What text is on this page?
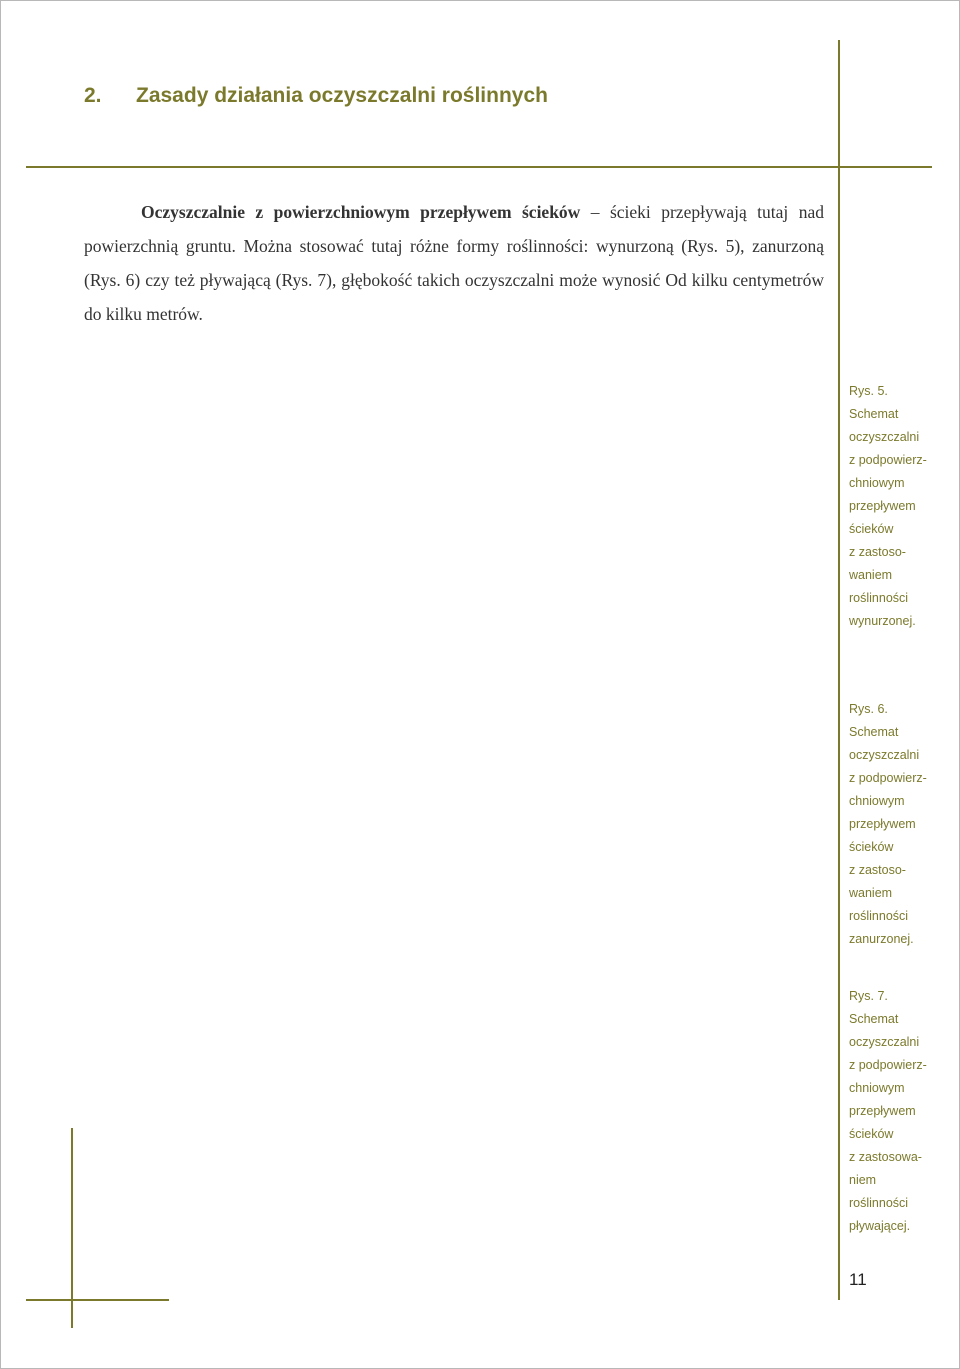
2. Zasady działania oczyszczalni roślinnych

Oczyszczalnie z powierzchniowym przepływem ścieków – ścieki przepływają tutaj nad powierzchnią gruntu. Można stosować tutaj różne formy roślinności: wynurzoną (Rys. 5), zanurzoną (Rys. 6) czy też pływającą (Rys. 7), głębokość takich oczyszczalni może wynosić Od kilku centymetrów do kilku metrów.

Rys. 5.
Schemat
oczyszczalni
z podpowierz-
chniowym
przepływem
ścieków
z zastoso-
waniem
roślinności
wynurzonej.
Rys. 6.
Schemat
oczyszczalni
z podpowierz-
chniowym
przepływem
ścieków
z zastoso-
waniem
roślinności
zanurzonej.
Rys. 7.
Schemat
oczyszczalni
z podpowierz-
chniowym
przepływem
ścieków
z zastosowa-
niem
roślinności
pływającej.
11
